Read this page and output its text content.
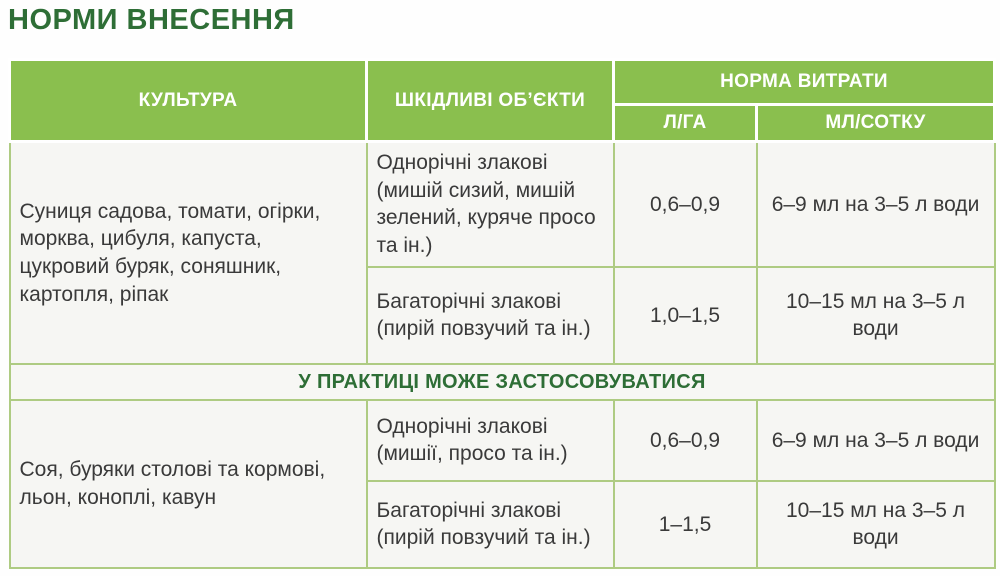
НОРМИ ВНЕСЕННЯ
КУЛЬТУРА	ШКІДЛИВІ ОБ’ЄКТИ	НОРМА ВИТРАТИ	
		Л/ГА	МЛ/СОТКУ
Суниця садова, томати, огірки, морква, цибуля, капуста, цукровий буряк, соняшник, картопля, ріпак	Однорічні злакові (мишій сизий, мишій зелений, куряче просо та ін.)	0,6–0,9	6–9 мл на 3–5 л води
	Багаторічні злакові (пирій повзучий та ін.)	1,0–1,5	10–15 мл на 3–5 л води
У ПРАКТИЦІ МОЖЕ ЗАСТОСОВУВАТИСЯ			
Соя, буряки столові та кормові, льон, коноплі, кавун	Однорічні злакові (мишії, просо та ін.)	0,6–0,9	6–9 мл на 3–5 л води
	Багаторічні злакові (пирій повзучий та ін.)	1–1,5	10–15 мл на 3–5 л води
